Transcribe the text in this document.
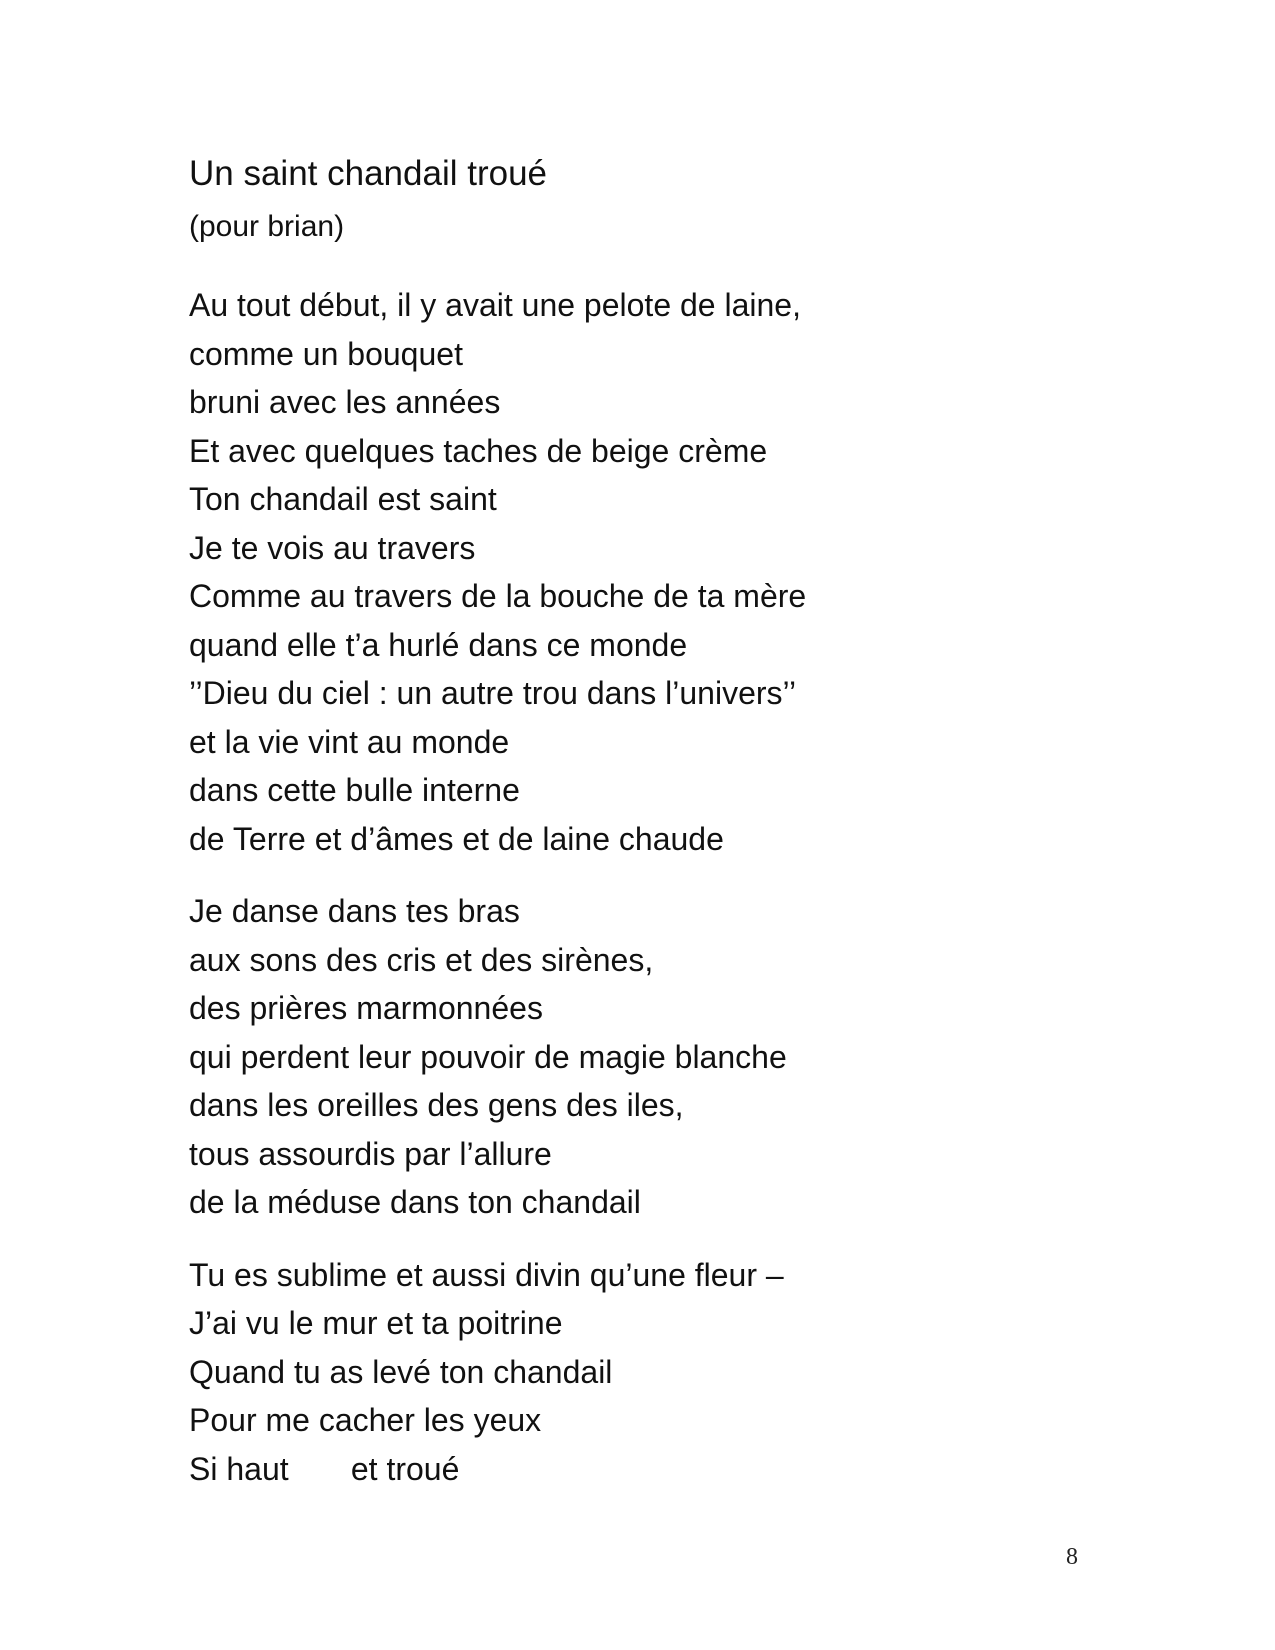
Un saint chandail troué

(pour brian)

Au tout début, il y avait une pelote de laine,
comme un bouquet
bruni avec les années
Et avec quelques taches de beige crème
Ton chandail est saint
Je te vois au travers
Comme au travers de la bouche de ta mère
quand elle t’a hurlé dans ce monde
’’Dieu du ciel : un autre trou dans l’univers’’
et la vie vint au monde
dans cette bulle interne
de Terre et d’âmes et de laine chaude
Je danse dans tes bras
aux sons des cris et des sirènes,
des prières marmonnées
qui perdent leur pouvoir de magie blanche
dans les oreilles des gens des iles,
tous assourdis par l’allure
de la méduse dans ton chandail
Tu es sublime et aussi divin qu’une fleur –
J’ai vu le mur et ta poitrine
Quand tu as levé ton chandail
Pour me cacher les yeux
Si haut       et troué
8
